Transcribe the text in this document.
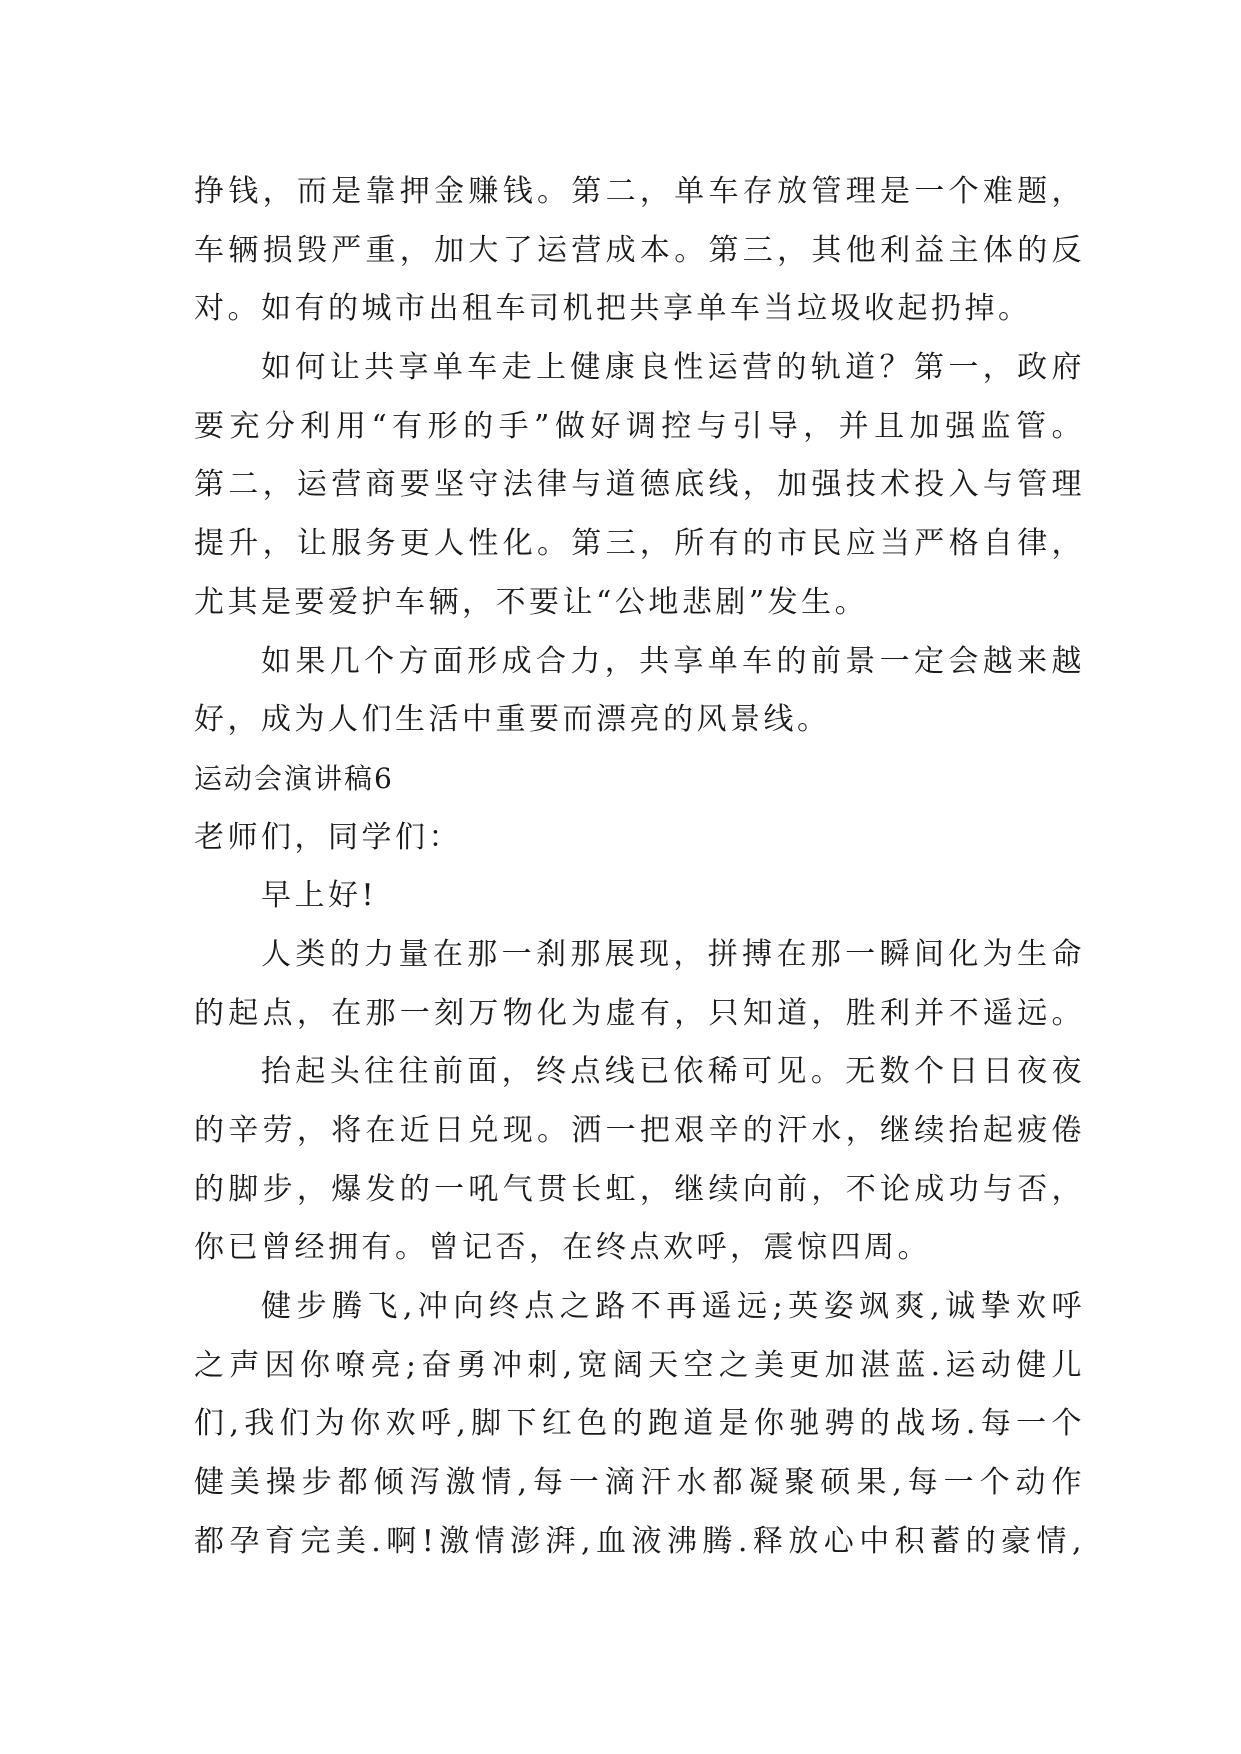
挣钱，而是靠押金赚钱。第二，单车存放管理是一个难题，
车辆损毁严重，加大了运营成本。第三，其他利益主体的反
对。如有的城市出租车司机把共享单车当垃圾收起扔掉。
如何让共享单车走上健康良性运营的轨道？第一，政府
要充分利用“有形的手”做好调控与引导，并且加强监管。
第二，运营商要坚守法律与道德底线，加强技术投入与管理
提升，让服务更人性化。第三，所有的市民应当严格自律，
尤其是要爱护车辆，不要让“公地悲剧”发生。
如果几个方面形成合力，共享单车的前景一定会越来越
好，成为人们生活中重要而漂亮的风景线。
运动会演讲稿6
老师们，同学们：
早上好!
人类的力量在那一刹那展现，拼搏在那一瞬间化为生命
的起点，在那一刻万物化为虚有，只知道，胜利并不遥远。
抬起头往往前面，终点线已依稀可见。无数个日日夜夜
的辛劳，将在近日兑现。洒一把艰辛的汗水，继续抬起疲倦
的脚步，爆发的一吼气贯长虹，继续向前，不论成功与否，
你已曾经拥有。曾记否，在终点欢呼，震惊四周。
健步腾飞,冲向终点之路不再遥远;英姿飒爽,诚挚欢呼
之声因你嘹亮;奋勇冲刺,宽阔天空之美更加湛蓝.运动健儿
们,我们为你欢呼,脚下红色的跑道是你驰骋的战场.每一个
健美操步都倾泻激情,每一滴汗水都凝聚硕果,每一个动作
都孕育完美.啊!激情澎湃,血液沸腾.释放心中积蓄的豪情,
